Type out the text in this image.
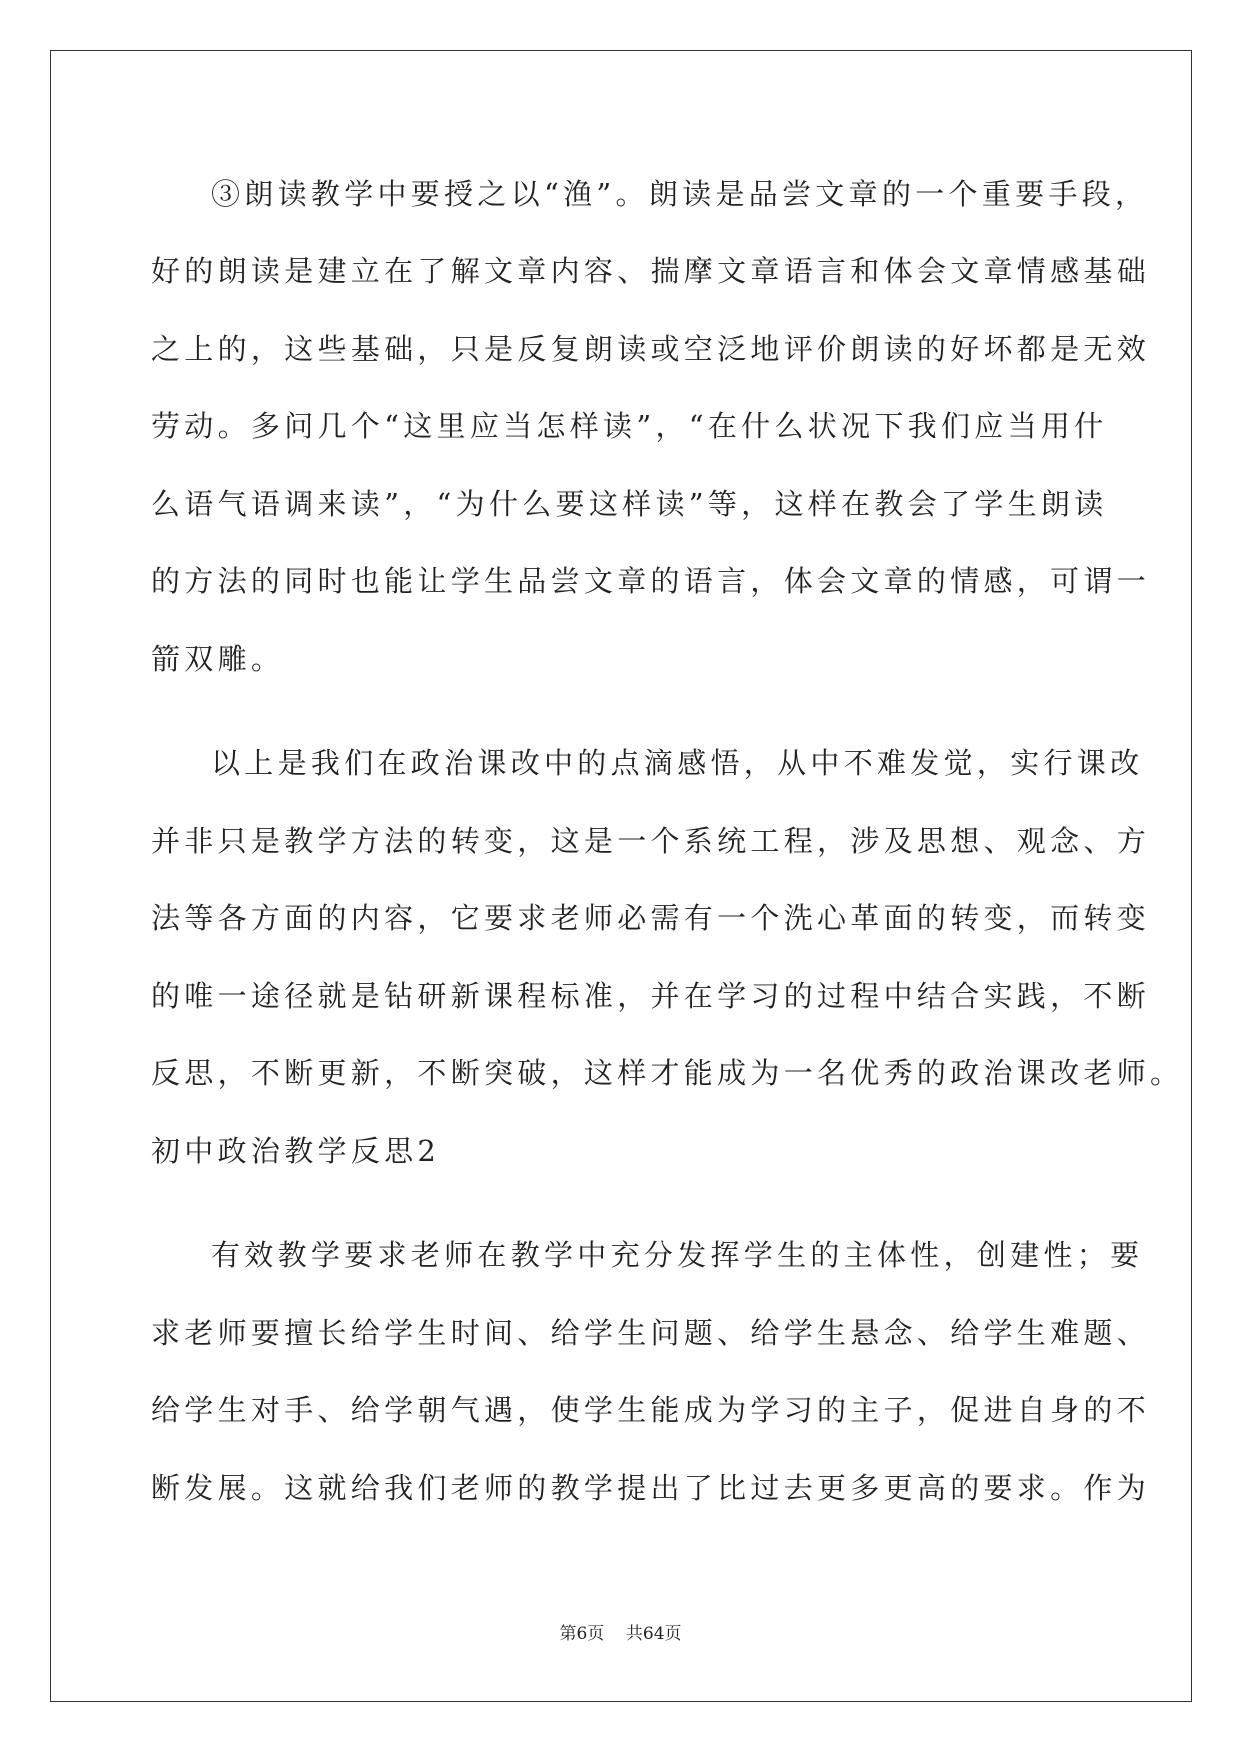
③朗读教学中要授之以“渔”。朗读是品尝文章的一个重要手段，

好的朗读是建立在了解文章内容、揣摩文章语言和体会文章情感基础

之上的，这些基础，只是反复朗读或空泛地评价朗读的好坏都是无效

劳动。多问几个“这里应当怎样读”，“在什么状况下我们应当用什

么语气语调来读”，“为什么要这样读”等，这样在教会了学生朗读

的方法的同时也能让学生品尝文章的语言，体会文章的情感，可谓一

箭双雕。

以上是我们在政治课改中的点滴感悟，从中不难发觉，实行课改

并非只是教学方法的转变，这是一个系统工程，涉及思想、观念、方

法等各方面的内容，它要求老师必需有一个洗心革面的转变，而转变

的唯一途径就是钻研新课程标准，并在学习的过程中结合实践，不断

反思，不断更新，不断突破，这样才能成为一名优秀的政治课改老师。

初中政治教学反思2

有效教学要求老师在教学中充分发挥学生的主体性，创建性；要

求老师要擅长给学生时间、给学生问题、给学生悬念、给学生难题、

给学生对手、给学朝气遇，使学生能成为学习的主子，促进自身的不

断发展。这就给我们老师的教学提出了比过去更多更高的要求。作为

第6页 共64页
